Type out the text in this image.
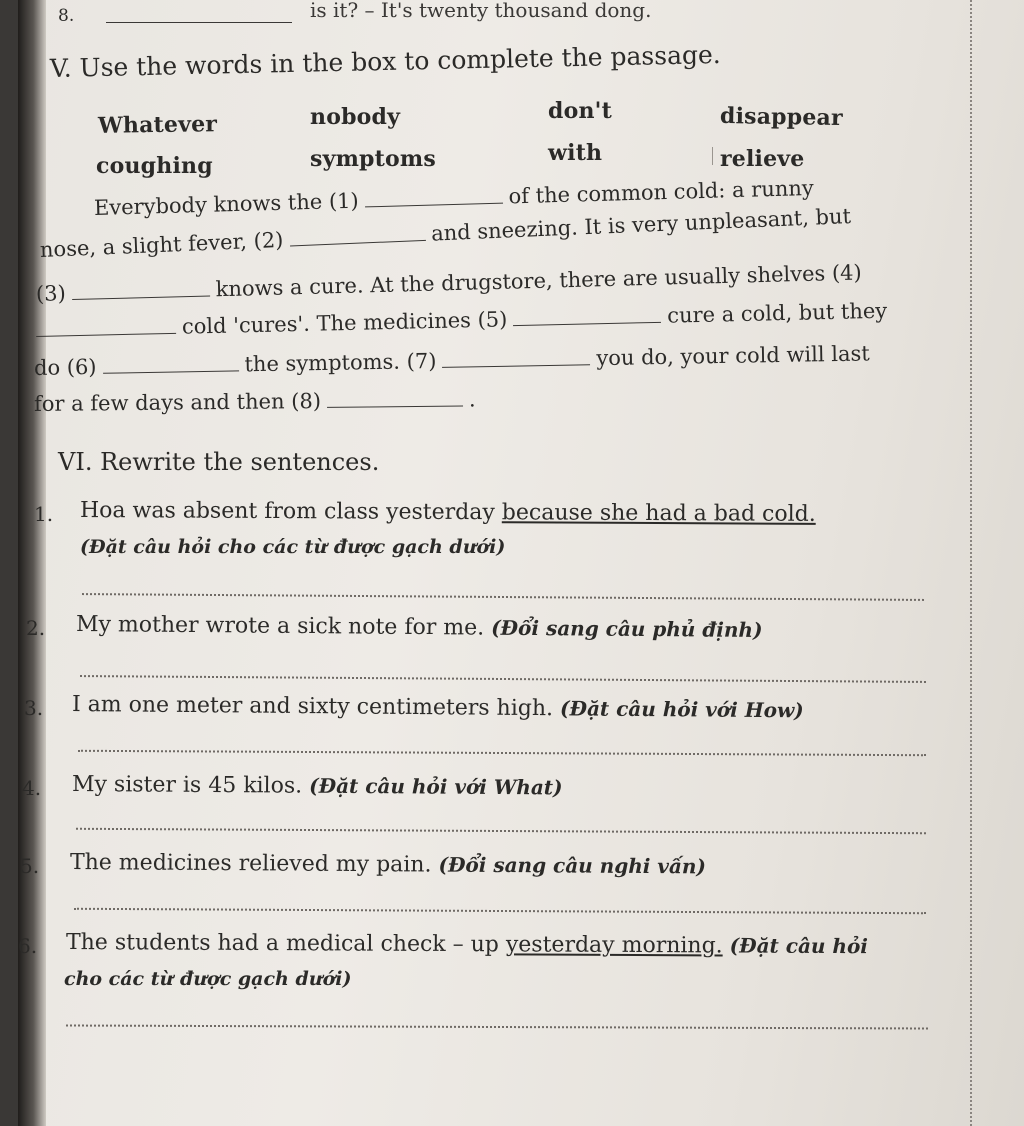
8.	is it? – It's twenty thousand dong.
V. Use the words in the box to complete the passage.
Whatever	nobody	don't	disappear
coughing	symptoms	with	relieve
Everybody knows the (1)	of the common cold: a runny
nose, a slight fever, (2)	and sneezing. It is very unpleasant, but
(3)	knows a cure. At the drugstore, there are usually shelves (4)
cold 'cures'. The medicines (5)	cure a cold, but they
do (6)	the symptoms. (7)	you do, your cold will last
for a few days and then (8)	.
VI. Rewrite the sentences.
1. Hoa was absent from class yesterday because she had a bad cold.
(Đặt câu hỏi cho các từ được gạch dưới)
2. My mother wrote a sick note for me. (Đổi sang câu phủ định)
3. I am one meter and sixty centimeters high. (Đặt câu hỏi với How)
4. My sister is 45 kilos. (Đặt câu hỏi với What)
5. The medicines relieved my pain. (Đổi sang câu nghi vấn)
6. The students had a medical check – up yesterday morning. (Đặt câu hỏi
cho các từ được gạch dưới)
